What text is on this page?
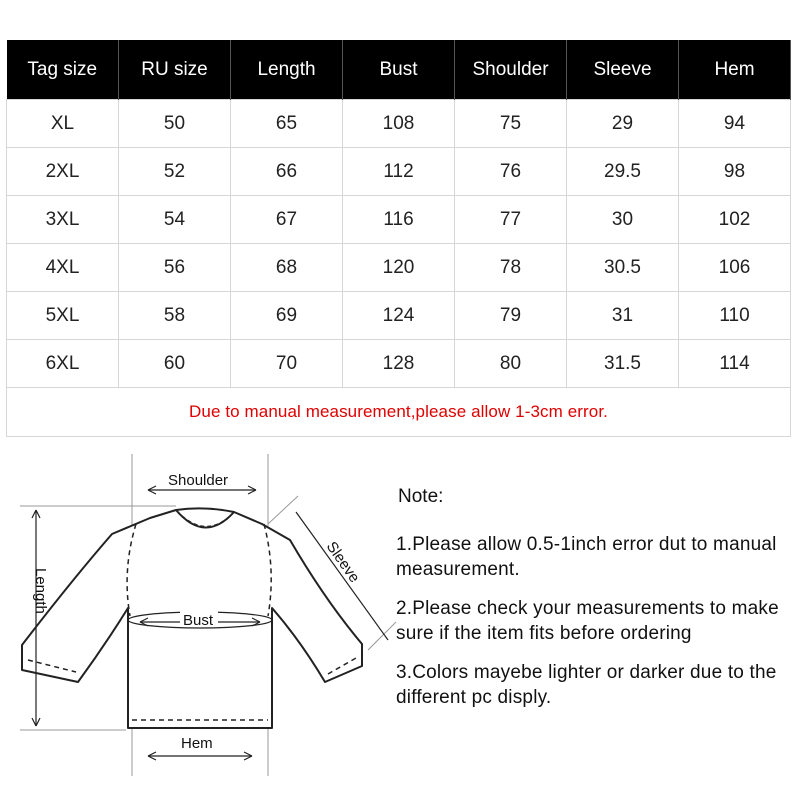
Tag size	RU size	Length	Bust	Shoulder	Sleeve	Hem
XL	50	65	108	75	29	94
2XL	52	66	112	76	29.5	98
3XL	54	67	116	77	30	102
4XL	56	68	120	78	30.5	106
5XL	58	69	124	79	31	110
6XL	60	70	128	80	31.5	114
Due to manual measurement,please allow 1-3cm error.						
Shoulder
Length
Sleeve
Bust
Hem
Note:
1.Please allow 0.5-1inch error dut to manual measurement.
2.Please check your measurements to make sure if the item fits before ordering
3.Colors mayebe lighter or darker due to the different pc disply.
